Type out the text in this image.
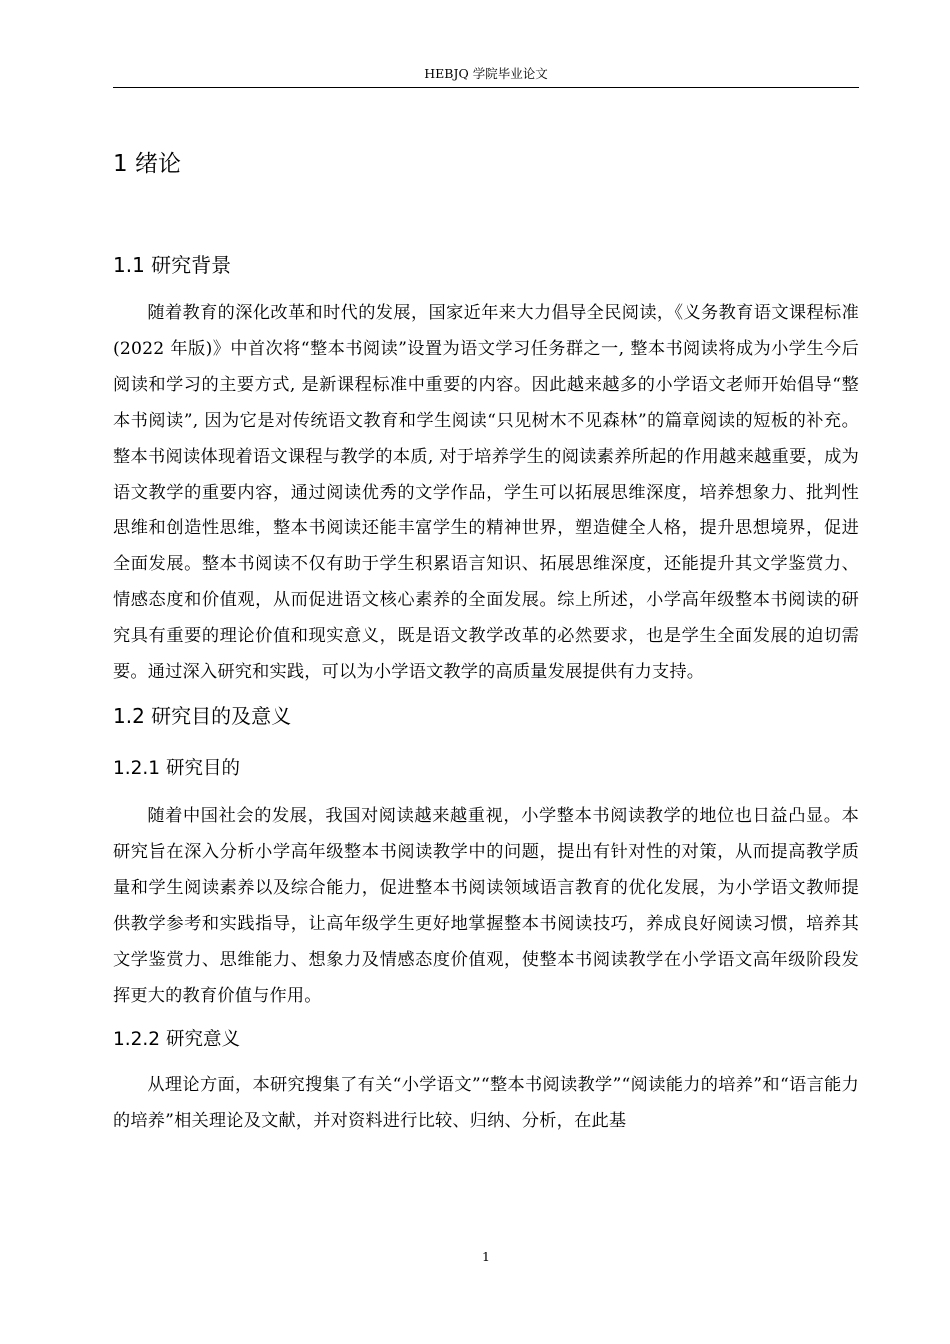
HEBJQ 学院毕业论文
1 绪论
1.1 研究背景

随着教育的深化改革和时代的发展，国家近年来大力倡导全民阅读，《义务教育语文课程标准(2022 年版)》中首次将“整本书阅读”设置为语文学习任务群之一, 整本书阅读将成为小学生今后阅读和学习的主要方式, 是新课程标准中重要的内容。因此越来越多的小学语文老师开始倡导“整本书阅读”, 因为它是对传统语文教育和学生阅读“只见树木不见森林”的篇章阅读的短板的补充。整本书阅读体现着语文课程与教学的本质, 对于培养学生的阅读素养所起的作用越来越重要，成为语文教学的重要内容，通过阅读优秀的文学作品，学生可以拓展思维深度，培养想象力、批判性思维和创造性思维，整本书阅读还能丰富学生的精神世界，塑造健全人格，提升思想境界，促进全面发展。整本书阅读不仅有助于学生积累语言知识、拓展思维深度，还能提升其文学鉴赏力、情感态度和价值观，从而促进语文核心素养的全面发展。综上所述，小学高年级整本书阅读的研究具有重要的理论价值和现实意义，既是语文教学改革的必然要求，也是学生全面发展的迫切需要。通过深入研究和实践，可以为小学语文教学的高质量发展提供有力支持。

1.2 研究目的及意义
1.2.1 研究目的

随着中国社会的发展，我国对阅读越来越重视，小学整本书阅读教学的地位也日益凸显。本研究旨在深入分析小学高年级整本书阅读教学中的问题，提出有针对性的对策，从而提高教学质量和学生阅读素养以及综合能力，促进整本书阅读领域语言教育的优化发展，为小学语文教师提供教学参考和实践指导，让高年级学生更好地掌握整本书阅读技巧，养成良好阅读习惯，培养其文学鉴赏力、思维能力、想象力及情感态度价值观，使整本书阅读教学在小学语文高年级阶段发挥更大的教育价值与作用。

1.2.2 研究意义

从理论方面，本研究搜集了有关“小学语文”“整本书阅读教学”“阅读能力的培养”和“语言能力的培养”相关理论及文献，并对资料进行比较、归纳、分析，在此基

1
